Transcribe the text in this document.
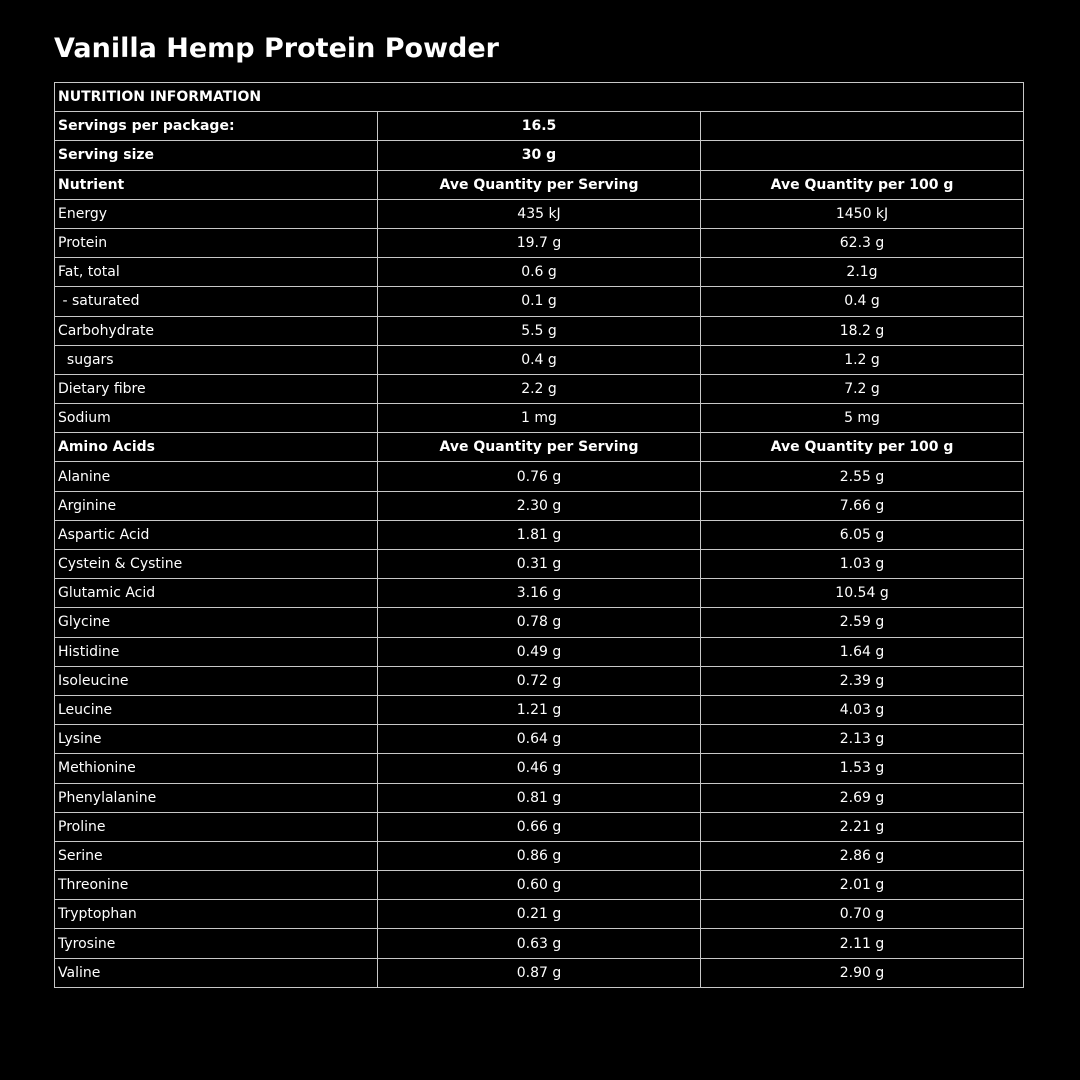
Vanilla Hemp Protein Powder
NUTRITION INFORMATION		
Servings per package:	16.5	
Serving size	30 g	
Nutrient	Ave Quantity per Serving	Ave Quantity per 100 g
Energy	435 kJ	1450 kJ
Protein	19.7 g	62.3 g
Fat, total	0.6 g	2.1g
- saturated	0.1 g	0.4 g
Carbohydrate	5.5 g	18.2 g
sugars	0.4 g	1.2 g
Dietary fibre	2.2 g	7.2 g
Sodium	1 mg	5 mg
Amino Acids	Ave Quantity per Serving	Ave Quantity per 100 g
Alanine	0.76 g	2.55 g
Arginine	2.30 g	7.66 g
Aspartic Acid	1.81 g	6.05 g
Cystein & Cystine	0.31 g	1.03 g
Glutamic Acid	3.16 g	10.54 g
Glycine	0.78 g	2.59 g
Histidine	0.49 g	1.64 g
Isoleucine	0.72 g	2.39 g
Leucine	1.21 g	4.03 g
Lysine	0.64 g	2.13 g
Methionine	0.46 g	1.53 g
Phenylalanine	0.81 g	2.69 g
Proline	0.66 g	2.21 g
Serine	0.86 g	2.86 g
Threonine	0.60 g	2.01 g
Tryptophan	0.21 g	0.70 g
Tyrosine	0.63 g	2.11 g
Valine	0.87 g	2.90 g
